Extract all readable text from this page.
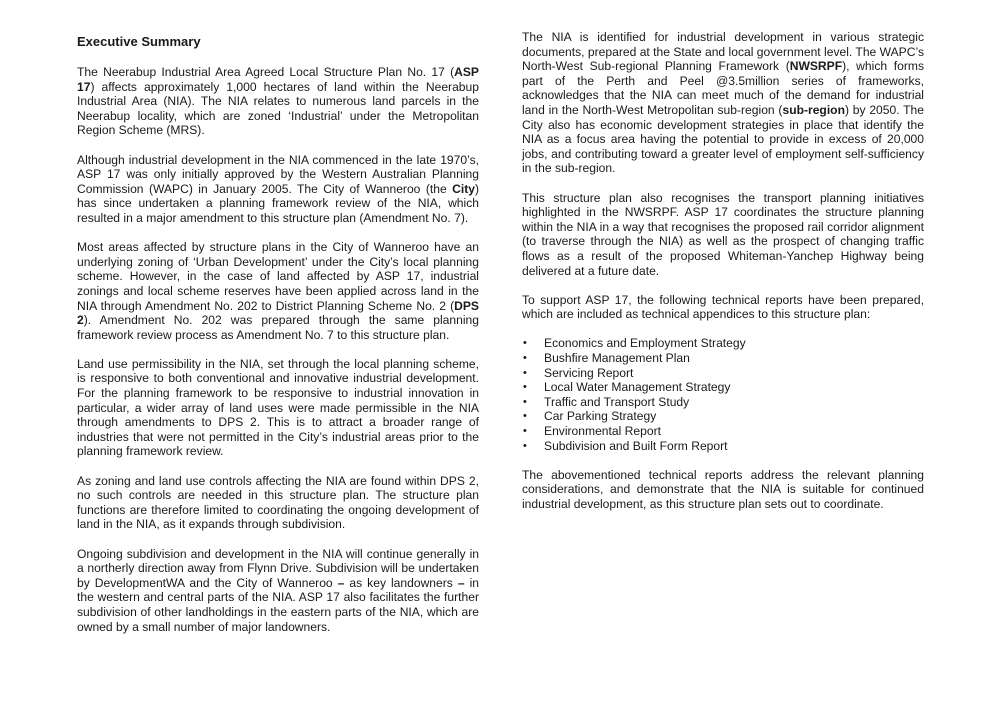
Executive Summary

The Neerabup Industrial Area Agreed Local Structure Plan No. 17 (ASP 17) affects approximately 1,000 hectares of land within the Neerabup Industrial Area (NIA). The NIA relates to numerous land parcels in the Neerabup locality, which are zoned ‘Industrial’ under the Metropolitan Region Scheme (MRS).

Although industrial development in the NIA commenced in the late 1970’s, ASP 17 was only initially approved by the Western Australian Planning Commission (WAPC) in January 2005. The City of Wanneroo (the City) has since undertaken a planning framework review of the NIA, which resulted in a major amendment to this structure plan (Amendment No. 7).

Most areas affected by structure plans in the City of Wanneroo have an underlying zoning of ‘Urban Development’ under the City’s local planning scheme. However, in the case of land affected by ASP 17, industrial zonings and local scheme reserves have been applied across land in the NIA through Amendment No. 202 to District Planning Scheme No. 2 (DPS 2). Amendment No. 202 was prepared through the same planning framework review process as Amendment No. 7 to this structure plan.

Land use permissibility in the NIA, set through the local planning scheme, is responsive to both conventional and innovative industrial development. For the planning framework to be responsive to industrial innovation in particular, a wider array of land uses were made permissible in the NIA through amendments to DPS 2. This is to attract a broader range of industries that were not permitted in the City’s industrial areas prior to the planning framework review.

As zoning and land use controls affecting the NIA are found within DPS 2, no such controls are needed in this structure plan. The structure plan functions are therefore limited to coordinating the ongoing development of land in the NIA, as it expands through subdivision.

Ongoing subdivision and development in the NIA will continue generally in a northerly direction away from Flynn Drive. Subdivision will be undertaken by DevelopmentWA and the City of Wanneroo – as key landowners – in the western and central parts of the NIA. ASP 17 also facilitates the further subdivision of other landholdings in the eastern parts of the NIA, which are owned by a small number of major landowners.

The NIA is identified for industrial development in various strategic documents, prepared at the State and local government level. The WAPC’s North-West Sub-regional Planning Framework (NWSRPF), which forms part of the Perth and Peel @3.5million series of frameworks, acknowledges that the NIA can meet much of the demand for industrial land in the North-West Metropolitan sub-region (sub-region) by 2050. The City also has economic development strategies in place that identify the NIA as a focus area having the potential to provide in excess of 20,000 jobs, and contributing toward a greater level of employment self-sufficiency in the sub-region.

This structure plan also recognises the transport planning initiatives highlighted in the NWSRPF. ASP 17 coordinates the structure planning within the NIA in a way that recognises the proposed rail corridor alignment (to traverse through the NIA) as well as the prospect of changing traffic flows as a result of the proposed Whiteman-Yanchep Highway being delivered at a future date.

To support ASP 17, the following technical reports have been prepared, which are included as technical appendices to this structure plan:

• Economics and Employment Strategy
• Bushfire Management Plan
• Servicing Report
• Local Water Management Strategy
• Traffic and Transport Study
• Car Parking Strategy
• Environmental Report
• Subdivision and Built Form Report

The abovementioned technical reports address the relevant planning considerations, and demonstrate that the NIA is suitable for continued industrial development, as this structure plan sets out to coordinate.
